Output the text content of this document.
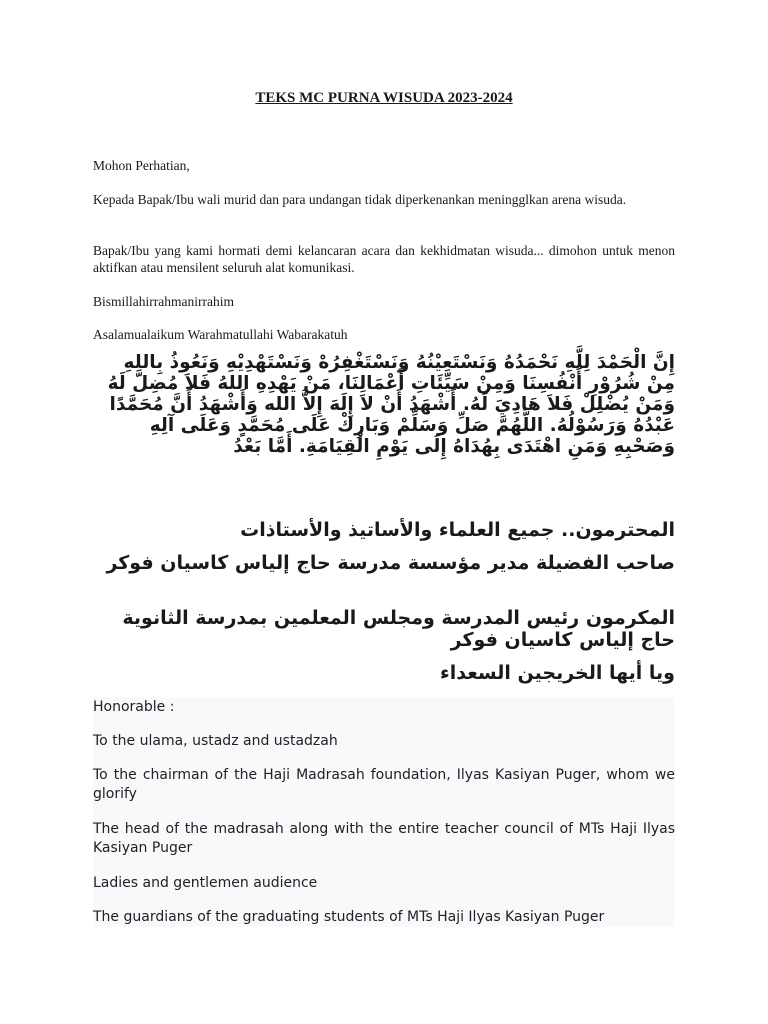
TEKS MC PURNA WISUDA 2023-2024

Mohon Perhatian,

Kepada Bapak/Ibu wali murid dan para undangan tidak diperkenankan meningglkan arena wisuda.

Bapak/Ibu yang kami hormati demi kelancaran acara dan kekhidmatan wisuda... dimohon untuk menon aktifkan atau mensilent seluruh alat komunikasi.

Bismillahirrahmanirrahim

Asalamualaikum Warahmatullahi Wabarakatuh

إِنَّ الْحَمْدَ لِلَّهِ نَحْمَدُهُ وَنَسْتَعِيْنُهُ وَنَسْتَغْفِرُهْ وَنَسْتَهْدِيْهِ وَنَعُوذُ بِاللهِ مِنْ شُرُوْرِ أَنْفُسِنَا وَمِنْ سَيِّئَاتِ أَعْمَالِنَا، مَنْ يَهْدِهِ اللهُ فَلاَ مُضِلَّ لَهُ وَمَنْ يُضْلِلْ فَلاَ هَادِيَ لَهُ. أَشْهَدُ أَنْ لاَ إِلَهَ إِلاَّ الله وَأَشْهَدُ أَنَّ مُحَمَّدًا عَبْدُهُ وَرَسُوْلُهُ. اللَّهُمَّ صَلِّ وَسَلِّمْ وَبَارِكْ عَلَى مُحَمَّدٍ وَعَلَى آلِهِ وَصَحْبِهِ وَمَنِ اهْتَدَى بِهُدَاهُ إِلَى يَوْمِ الْقِيَامَةِ. أَمَّا بَعْدُ

المحترمون.. جميع العلماء والأساتيذ والأستاذات

صاحب الفضيلة مدير مؤسسة مدرسة حاج إلياس كاسيان فوكر

المكرمون رئيس المدرسة ومجلس المعلمين بمدرسة الثانوية حاج إلياس كاسيان فوكر

ويا أيها الخريجين السعداء

Honorable :

To the ulama, ustadz and ustadzah

To the chairman of the Haji Madrasah foundation, Ilyas Kasiyan Puger, whom we glorify

The head of the madrasah along with the entire teacher council of MTs Haji Ilyas Kasiyan Puger

Ladies and gentlemen audience

The guardians of the graduating students of MTs Haji Ilyas Kasiyan Puger
